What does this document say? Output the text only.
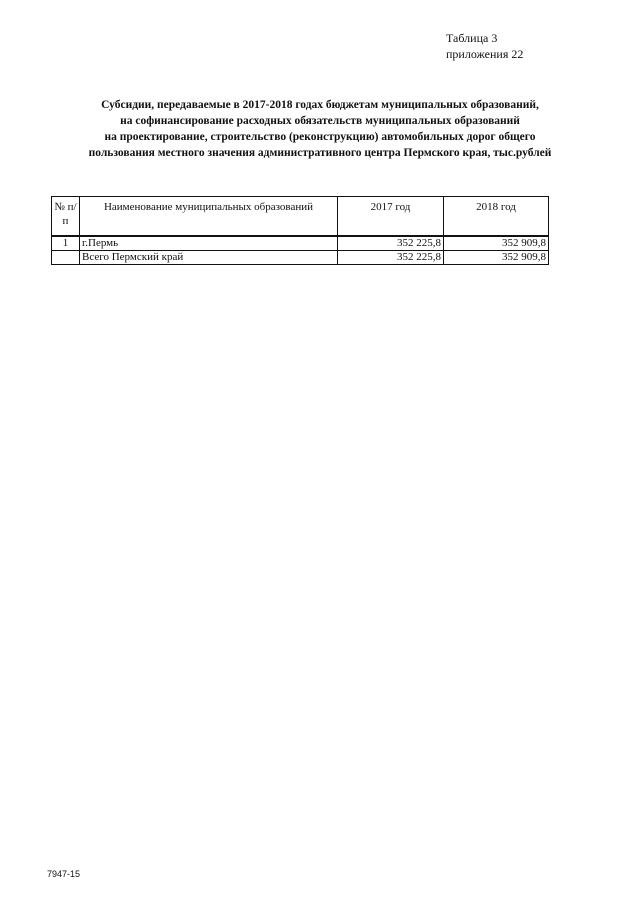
Таблица 3
приложения 22
Субсидии, передаваемые в 2017-2018 годах бюджетам муниципальных образований,
на софинансирование расходных обязательств муниципальных образований
на проектирование, строительство (реконструкцию) автомобильных дорог общего
пользования местного значения административного центра Пермского края, тыс.рублей
№ п/п	Наименование муниципальных образований	2017 год	2018 год
1	г.Пермь	352 225,8	352 909,8
	Всего Пермский край	352 225,8	352 909,8
7947-15
